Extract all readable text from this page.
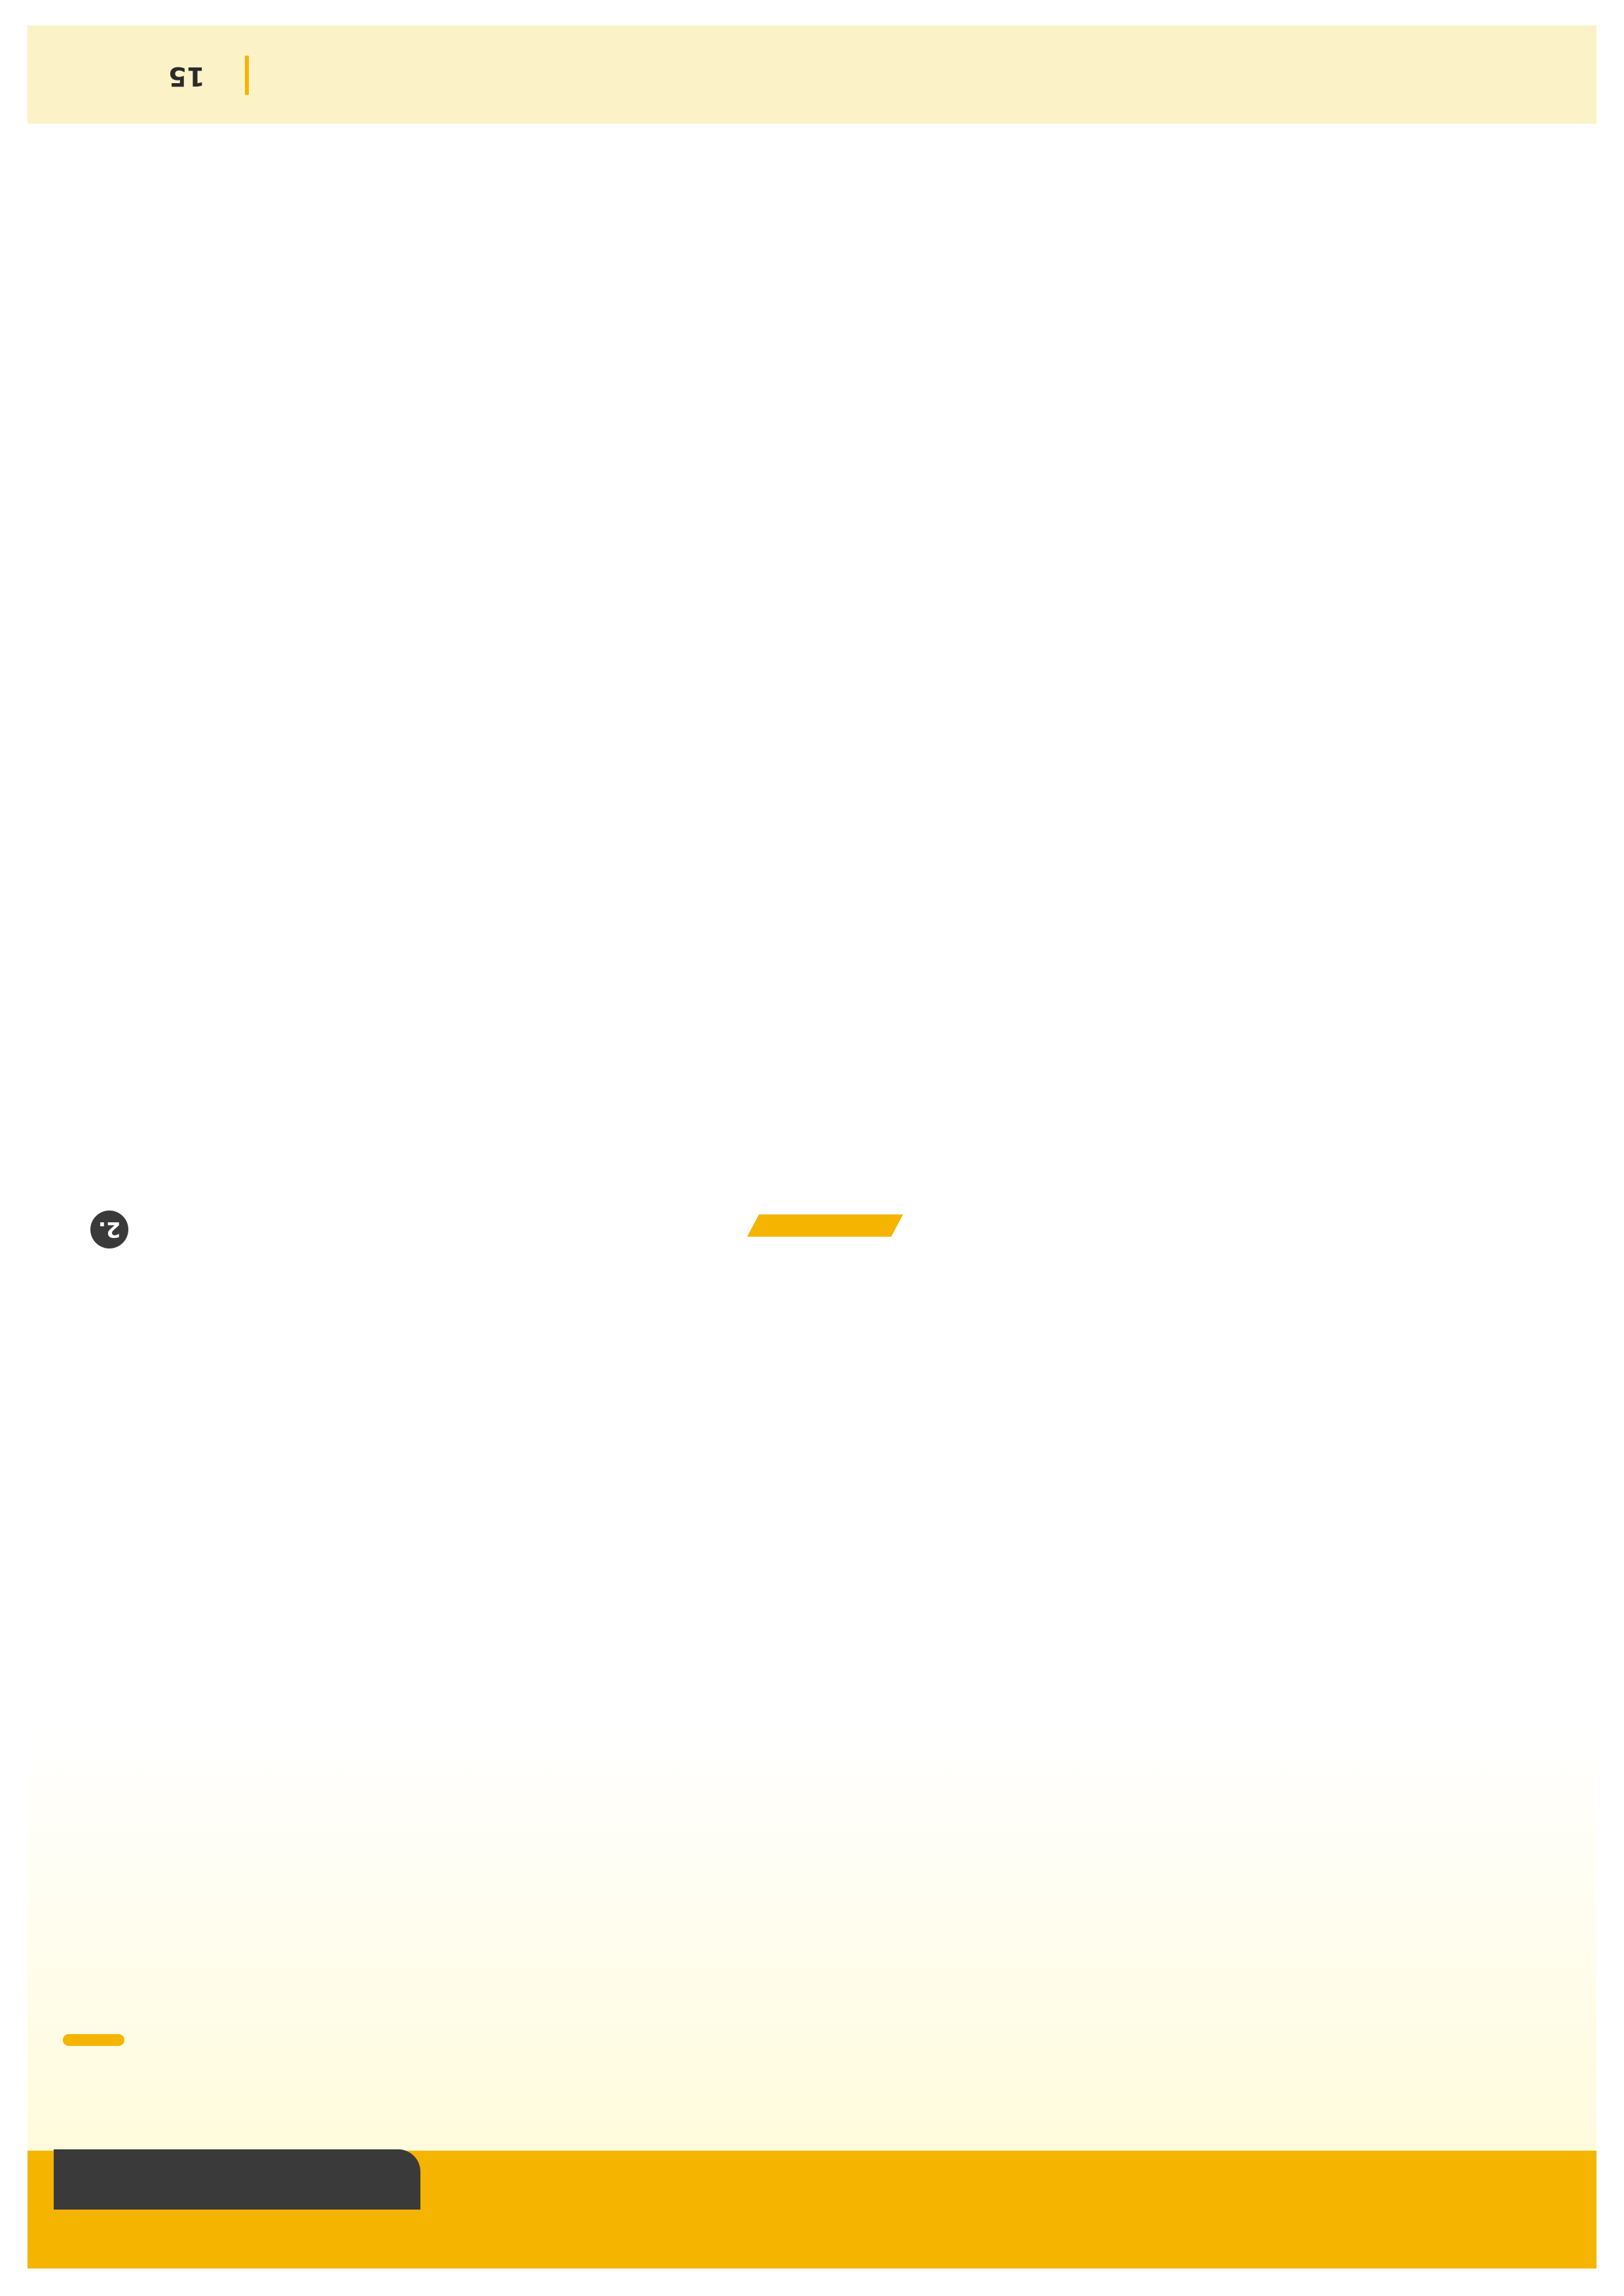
2.
15
